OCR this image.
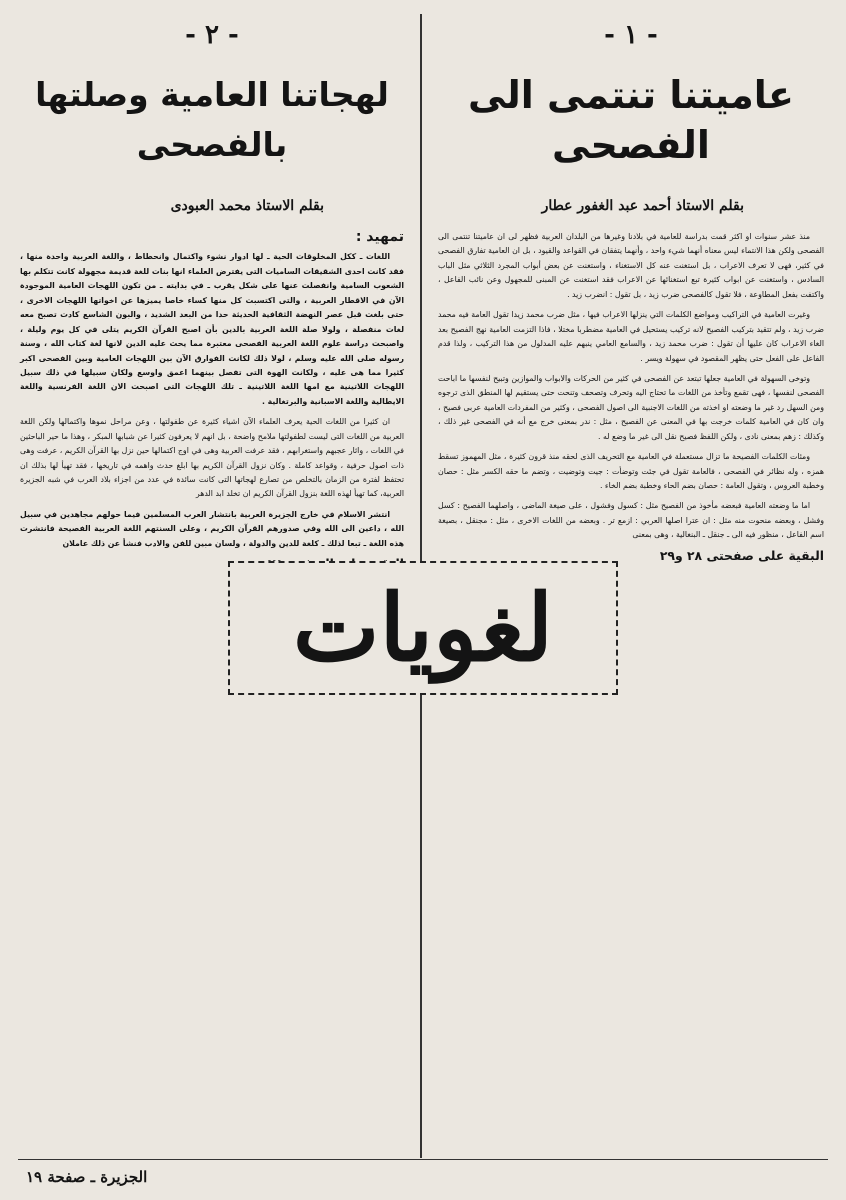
- ١ -
عاميتنا تنتمى الى الفصحى
بقلم الاستاذ أحمد عبد الغفور عطار

منذ عشر سنوات او اكثر قمت بدراسة للعامية في بلادنا وغيرها من البلدان العربية فظهر لى ان عاميتنا تنتمى الى الفصحى ولكن هذا الانتماء ليس معناه أنهما شيء واحد ، وأنهما يتفقان في القواعد والقيود ، بل ان العامية تفارق الفصحى في كثير، فهى لا تعرف الاعراب ، بل استغنت عنه كل الاستغناء ، واستغنت عن بعض أبواب المجرد الثلاثي مثل الباب السادس ، واستغنت عن ابواب كثيرة تبع استغنائها عن الاعراب فقد استغنت عن المبنى للمجهول وعن نائب الفاعل ، واكتفت بفعل المطاوعة ، فلا تقول كالفصحى ضرب زيد ، بل تقول : انضرب زيد .

وغيرت العامية في التراكيب ومواضع الكلمات التي ينزلها الاعراب فيها ، مثل ضرب محمد زيدا تقول العامة فيه محمد ضرب زيد ، ولم تتقيد بتركيب الفصيح لانه تركيب يستحيل في العامية مضطربا مختلا ، فاذا التزمت العامية نهج الفصيح بعد الغاء الاعراب كان عليها أن تقول : ضرب محمد زيد ، والسامع العامي ينبهم عليه المدلول من هذا التركيب ، ولذا قدم الفاعل على الفعل حتى يظهر المقصود في سهولة ويسر .

وتوخى السهولة في العامية جعلها تبتعد عن الفصحى في كثير من الحركات والابواب والموازين وتبيح لنفسها ما اباحت الفصحى لنفسها ، فهى تقمع وتأخذ من اللغات ما تحتاج اليه وتحرف وتصحف وتنحت حتى يستقيم لها المنطق الذى ترجوه ومن السهل رد غير ما وضعته او اخذته من اللغات الاجنبية الى اصول الفصحى ، وكثير من المفردات العامية عربى فصيح ، وان كان في العامية كلمات خرجت بها في المعنى عن الفصيح ، مثل : ندر بمعنى خرج مع أنه في الفصحى غير ذلك ، وكذلك : زهم بمعنى نادى ، ولكن اللفظ فصيح نقل الى غير ما وضع له .

ومئات الكلمات الفصيحة ما تزال مستعملة في العامية مع التحريف الذى لحقه منذ قرون كثيرة ، مثل المهموز تسقط همزه ، وله نظائر في الفصحى ، فالعامة تقول في جئت وتوضأت : جيت وتوضيت ، وتضم ما حقه الكسر مثل : حصان وخطبة العروس ، وتقول العامة : حصان بضم الحاء وخطبة بضم الخاء .

اما ما وضعته العامية فبعضه مأخوذ من الفصيح مثل : كسول وفشول ، على صيغة الماضى ، واصلهما الفصيح : كسل وفشل ، وبعضه منحوت منه مثل : ان عترا اصلها العربي : ازمع تر . وبعضه من اللغات الاخرى ، مثل : مجنقل ، بصيغة اسم الفاعل ، منظور فيه الى ـ جنقل ـ البنغالية ، وهى بمعنى

البقية على صفحتى ٢٨ و٢٩
- ٢ -
لهجاتنا العامية وصلتها بالفصحى
بقلم الاستاذ محمد العبودى
تمهيد :

اللغات ـ ككل المخلوقات الحية ـ لها ادوار نشوء واكتمال وانحطاط ، واللغة العربية واحدة منها ، فقد كانت احدى الشقيقات الساميات التى يفترض العلماء انها بنات للغة قديمة مجهولة كانت تتكلم بها الشعوب السامية وانفصلت عنها على شكل يقرب ـ في بدايته ـ من تكون اللهجات العامية الموجودة الآن في الاقطار العربية ، والتى اكتسبت كل منها كساء خاصا يميزها عن اخواتها اللهجات الاخرى ، حتى بلغت قبل عصر النهضة الثقافية الحديثة حدا من البعد الشديد ، والبون الشاسع كادت تصبح معه لغات منفصلة ، ولولا صلة اللغة العربية بالدين بأن اصبح القرآن الكريم يتلى في كل يوم وليلة ، واصبحت دراسة علوم اللغة العربية الفصحى معتبرة مما يحث عليه الدين لانها لغة كتاب الله ، وسنة رسوله صلى الله عليه وسلم ، لولا ذلك لكانت الفوارق الآن بين اللهجات العامية وبين الفصحى اكبر كثيرا مما هى عليه ، ولكانت الهوة التى تفصل بينهما اعمق واوسع ولكان سبيلها في ذلك سبيل اللهجات اللاتينية مع امها اللغة اللاتينية ـ تلك اللهجات التى اصبحت الان اللغة الفرنسية واللغة الايطالية واللغة الاسبانية والبرتغالية .

ان كثيرا من اللغات الحية يعرف العلماء الآن اشياء كثيرة عن طفولتها ، وعن مراحل نموها واكتمالها ولكن اللغة العربية من اللغات التى ليست لطفولتها ملامح واضحة ، بل انهم لا يعرفون كثيرا عن شبابها المبكر ، وهذا ما حير الباحثين في اللغات ، واثار عجبهم واستغرابهم ، فقد عرفت العربية وهى في اوج اكتمالها حين نزل بها القرآن الكريم ، عرفت وهى ذات اصول حرفية ، وقواعد كاملة . وكان نزول القرآن الكريم بها ابلغ حدث واهمه في تاريخها ، فقد تهيأ لها بذلك ان تحتفظ لفترة من الزمان بالتخلص من تصارع لهجاتها التى كانت سائدة في عدد من اجزاء بلاد العرب في شبه الجزيرة العربية، كما تهيأ لهذه اللغة بنزول القرآن الكريم ان تخلد ابد الدهر

انتشر الاسلام في خارج الجزيرة العربية بانتشار العرب المسلمين فيما حولهم مجاهدين في سبيل الله ، داعين الى الله وفي صدورهم القرآن الكريم ، وعلى السنتهم اللغة العربية الفصيحة فانتشرت هذه اللغة ـ تبعا لذلك ـ كلغة للدين والدولة ، ولسان مبين للفن والادب فنشأ عن ذلك عاملان

لغويات
الجزيرة ـ صفحة ١٩
